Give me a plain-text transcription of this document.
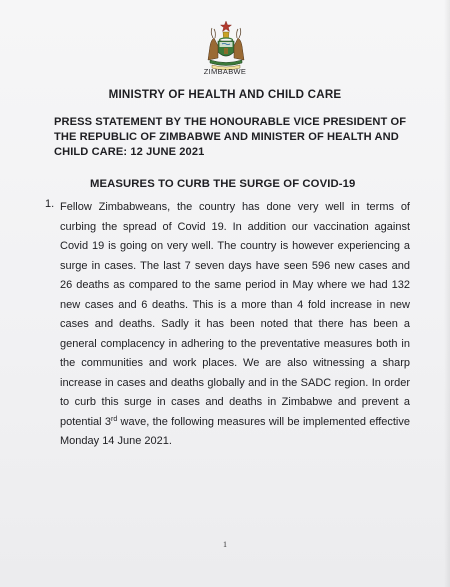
ZIMBABWE
MINISTRY OF HEALTH AND CHILD CARE
PRESS STATEMENT BY THE HONOURABLE VICE PRESIDENT OF THE REPUBLIC OF ZIMBABWE AND MINISTER OF HEALTH AND CHILD CARE: 12 JUNE 2021
MEASURES TO CURB THE SURGE OF COVID-19
1. Fellow Zimbabweans, the country has done very well in terms of curbing the spread of Covid 19. In addition our vaccination against Covid 19 is going on very well. The country is however experiencing a surge in cases. The last 7 seven days have seen 596 new cases and 26 deaths as compared to the same period in May where we had 132 new cases and 6 deaths. This is a more than 4 fold increase in new cases and deaths. Sadly it has been noted that there has been a general complacency in adhering to the preventative measures both in the communities and work places. We are also witnessing a sharp increase in cases and deaths globally and in the SADC region. In order to curb this surge in cases and deaths in Zimbabwe and prevent a potential 3rd wave, the following measures will be implemented effective Monday 14 June 2021.
1
